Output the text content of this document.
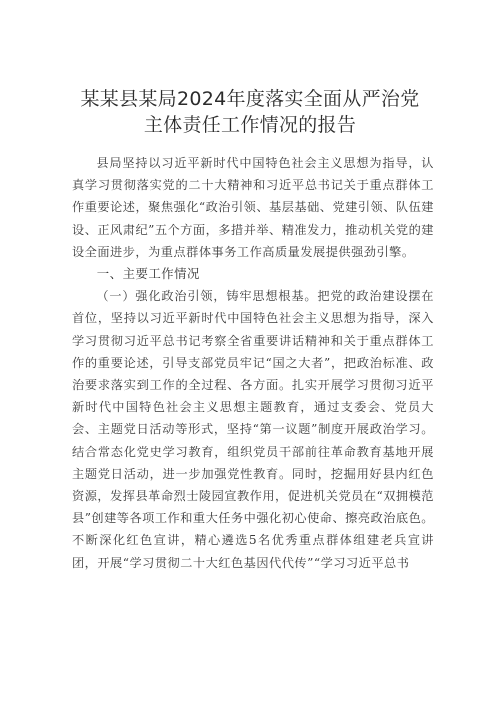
某某县某局2024年度落实全面从严治党
主体责任工作情况的报告

县局坚持以习近平新时代中国特色社会主义思想为指导，认真学习贯彻落实党的二十大精神和习近平总书记关于重点群体工作重要论述，聚焦强化“政治引领、基层基础、党建引领、队伍建设、正风肃纪”五个方面，多措并举、精准发力，推动机关党的建设全面进步，为重点群体事务工作高质量发展提供强劲引擎。

一、主要工作情况

（一）强化政治引领，铸牢思想根基。把党的政治建设摆在首位，坚持以习近平新时代中国特色社会主义思想为指导，深入学习贯彻习近平总书记考察全省重要讲话精神和关于重点群体工作的重要论述，引导支部党员牢记“国之大者”，把政治标准、政治要求落实到工作的全过程、各方面。扎实开展学习贯彻习近平新时代中国特色社会主义思想主题教育，通过支委会、党员大会、主题党日活动等形式，坚持“第一议题”制度开展政治学习。结合常态化党史学习教育，组织党员干部前往革命教育基地开展主题党日活动，进一步加强党性教育。同时，挖掘用好县内红色资源，发挥县革命烈士陵园宣教作用，促进机关党员在“双拥模范县”创建等各项工作和重大任务中强化初心使命、擦亮政治底色。不断深化红色宣讲，精心遴选5名优秀重点群体组建老兵宣讲团，开展“学习贯彻二十大红色基因代代传”“学习习近平总书
